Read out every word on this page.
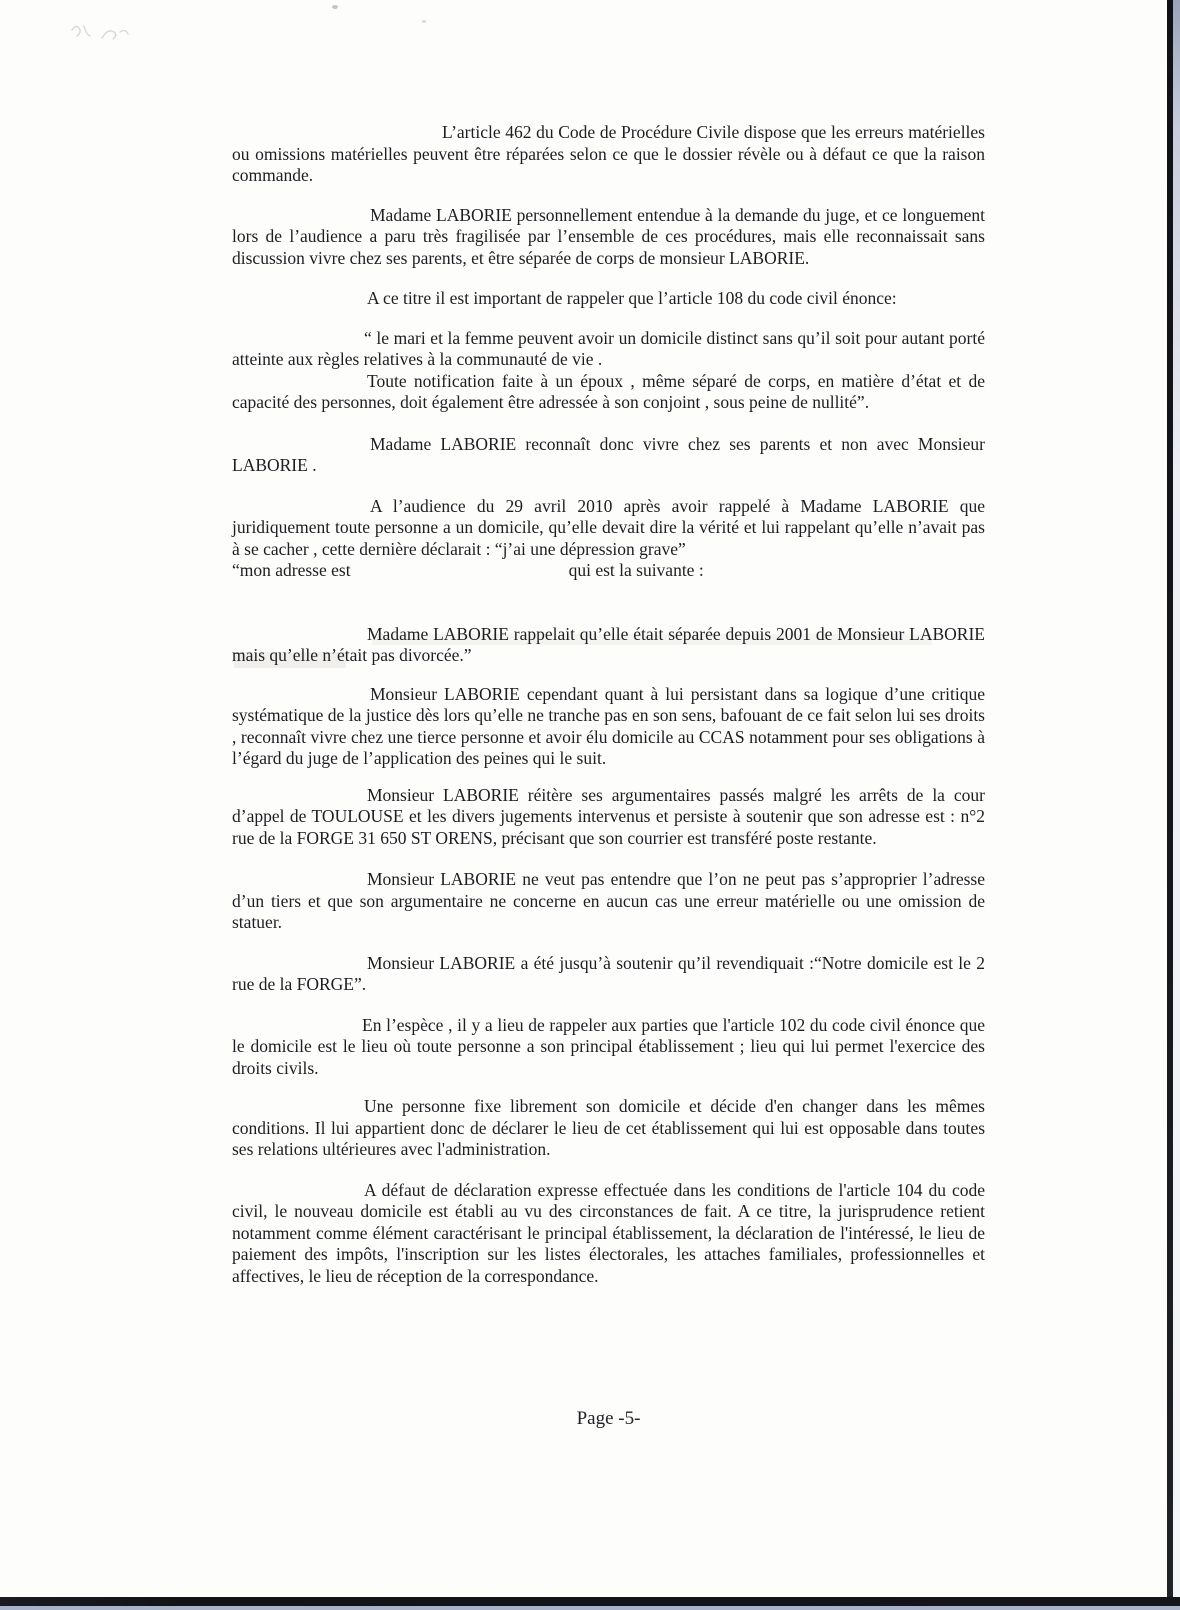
L’article 462 du Code de Procédure Civile dispose que les erreurs matérielles ou omissions matérielles peuvent être réparées selon ce que le dossier révèle ou à défaut ce que la raison commande.
Madame LABORIE personnellement entendue à la demande du juge, et ce longuement lors de l’audience a paru très fragilisée par l’ensemble de ces procédures, mais elle reconnaissait sans discussion vivre chez ses parents, et être séparée de corps de monsieur LABORIE.
A ce titre il est important de rappeler que l’article 108 du code civil énonce:
“ le mari et la femme peuvent avoir un domicile distinct sans qu’il soit pour autant porté atteinte aux règles relatives à la communauté de vie .
Toute notification faite à un époux , même séparé de corps, en matière d’état et de capacité des personnes, doit également être adressée à son conjoint , sous peine de nullité”.
Madame LABORIE reconnaît donc vivre chez ses parents et non avec Monsieur LABORIE .
A l’audience du 29 avril 2010 après avoir rappelé à Madame LABORIE que juridiquement toute personne a un domicile, qu’elle devait dire la vérité et lui rappelant qu’elle n’avait pas à se cacher , cette dernière déclarait : “j’ai une dépression grave”
“mon adresse est	qui est la suivante :
Madame LABORIE rappelait qu’elle était séparée depuis 2001 de Monsieur LABORIE mais qu’elle n’était pas divorcée.”
Monsieur LABORIE cependant quant à lui persistant dans sa logique d’une critique systématique de la justice dès lors qu’elle ne tranche pas en son sens, bafouant de ce fait selon lui ses droits , reconnaît vivre chez une tierce personne et avoir élu domicile au CCAS notamment pour ses obligations à l’égard du juge de l’application des peines qui le suit.
Monsieur LABORIE réitère ses argumentaires passés malgré les arrêts de la cour d’appel de TOULOUSE et les divers jugements intervenus et persiste à soutenir que son adresse est : n°2 rue de la FORGE 31 650 ST ORENS, précisant que son courrier est transféré poste restante.
Monsieur LABORIE ne veut pas entendre que l’on ne peut pas s’approprier l’adresse d’un tiers et que son argumentaire ne concerne en aucun cas une erreur matérielle ou une omission de statuer.
Monsieur LABORIE a été jusqu’à soutenir qu’il revendiquait :“Notre domicile est le 2 rue de la FORGE”.
En l’espèce , il y a lieu de rappeler aux parties que l'article 102 du code civil énonce que le domicile est le lieu où toute personne a son principal établissement ; lieu qui lui permet l'exercice des droits civils.
Une personne fixe librement son domicile et décide d'en changer dans les mêmes conditions. Il lui appartient donc de déclarer le lieu de cet établissement qui lui est opposable dans toutes ses relations ultérieures avec l'administration.
A défaut de déclaration expresse effectuée dans les conditions de l'article 104 du code civil, le nouveau domicile est établi au vu des circonstances de fait. A ce titre, la jurisprudence retient notamment comme élément caractérisant le principal établissement, la déclaration de l'intéressé, le lieu de paiement des impôts, l'inscription sur les listes électorales, les attaches familiales, professionnelles et affectives, le lieu de réception de la correspondance.
Page -5-
